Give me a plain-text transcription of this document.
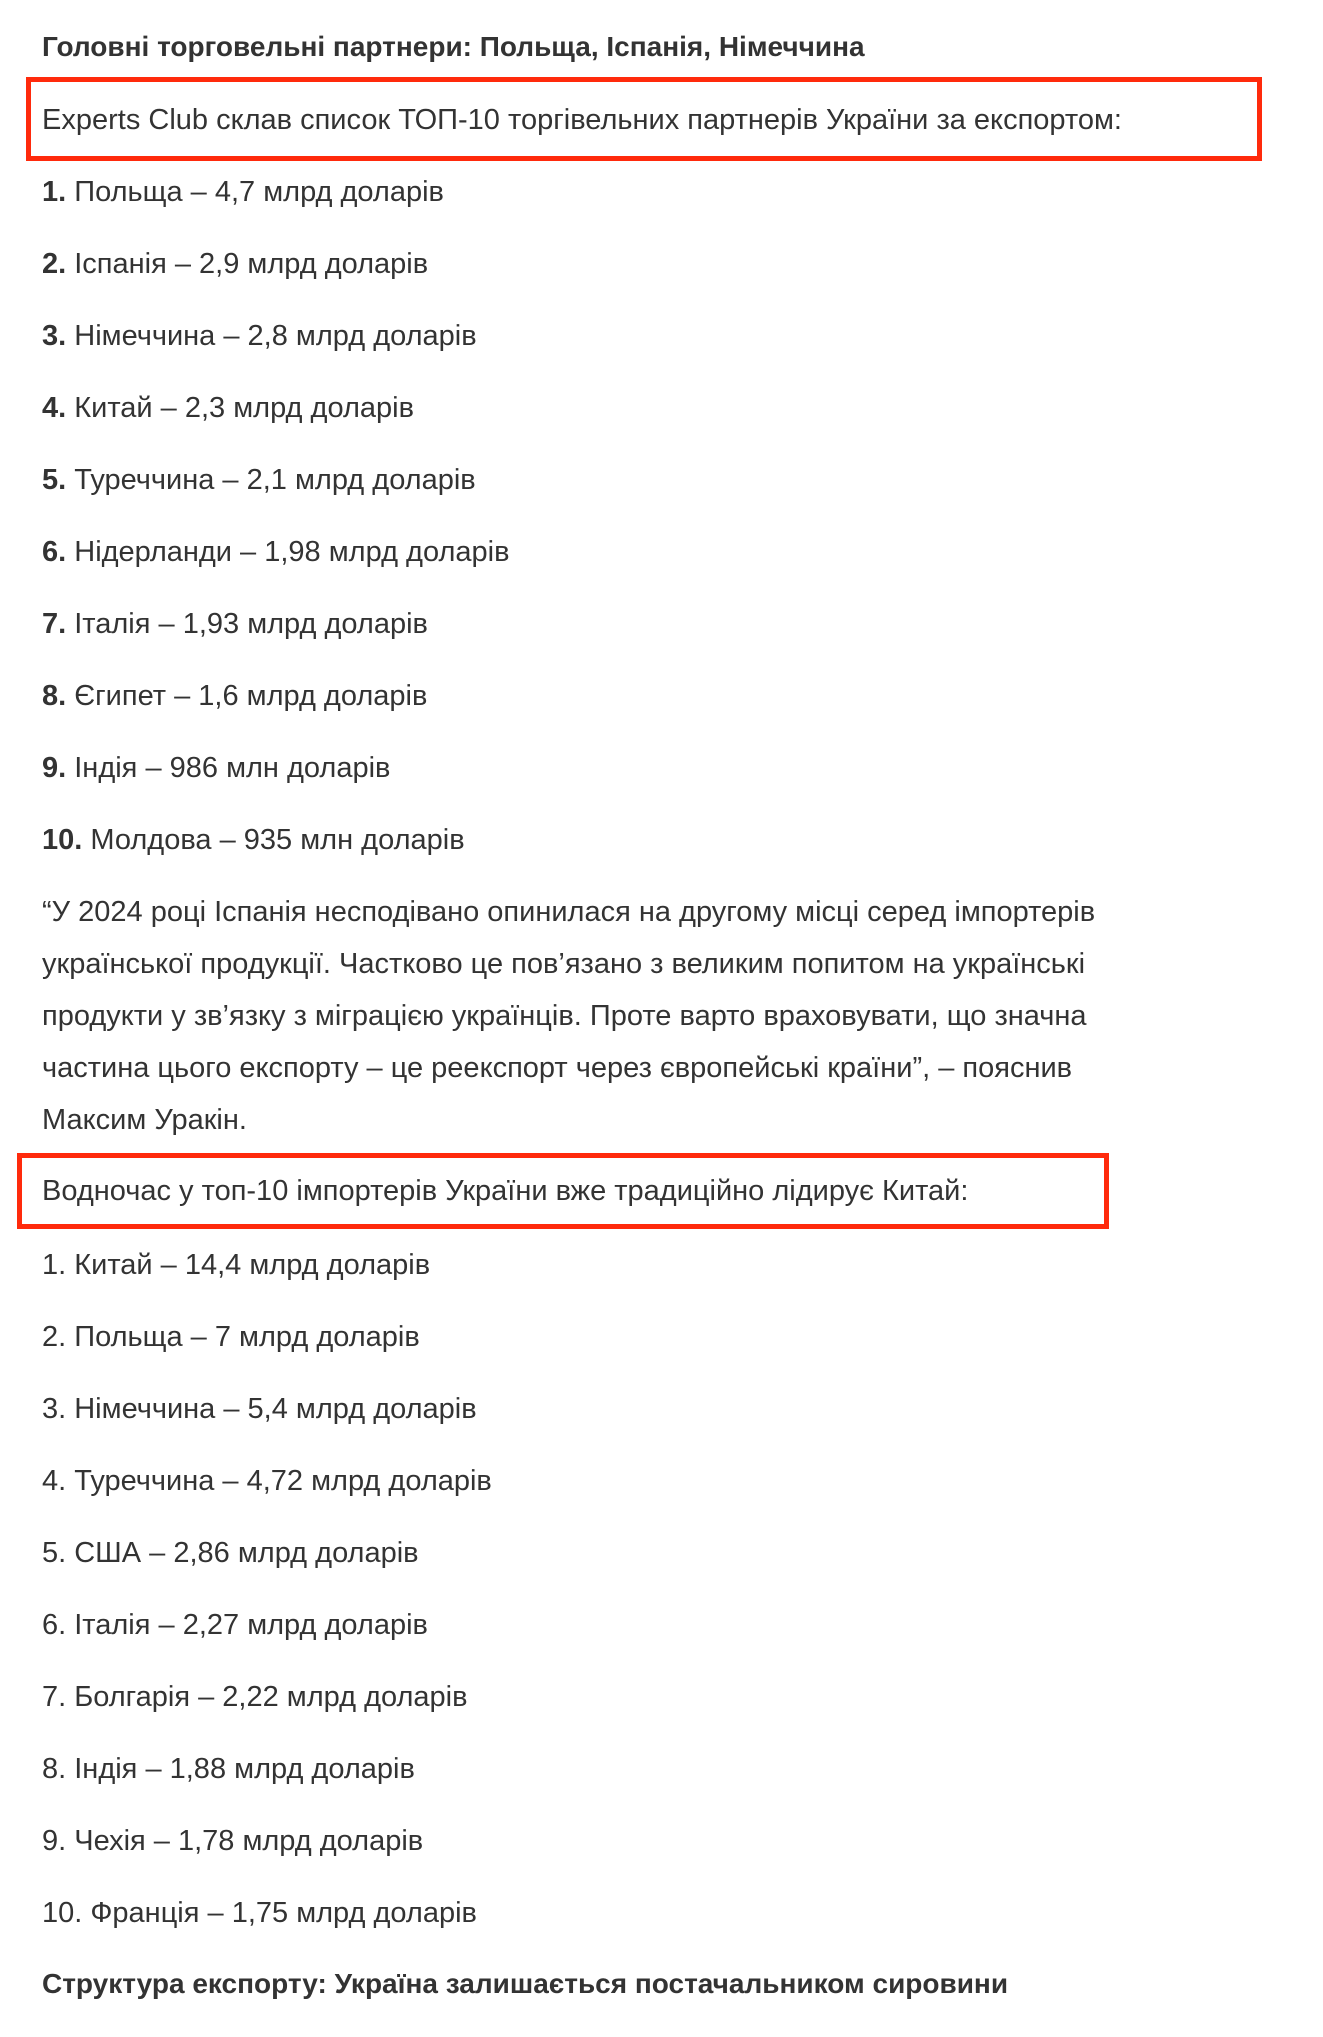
Головні торговельні партнери: Польща, Іспанія, Німеччина
Experts Club склав список ТОП-10 торгівельних партнерів України за експортом:
1. Польща – 4,7 млрд доларів
2. Іспанія – 2,9 млрд доларів
3. Німеччина – 2,8 млрд доларів
4. Китай – 2,3 млрд доларів
5. Туреччина – 2,1 млрд доларів
6. Нідерланди – 1,98 млрд доларів
7. Італія – 1,93 млрд доларів
8. Єгипет – 1,6 млрд доларів
9. Індія – 986 млн доларів
10. Молдова – 935 млн доларів
“У 2024 році Іспанія несподівано опинилася на другому місці серед імпортерів
української продукції. Частково це пов’язано з великим попитом на українські
продукти у зв’язку з міграцією українців. Проте варто враховувати, що значна
частина цього експорту – це реекспорт через європейські країни”, – пояснив
Максим Уракін.
Водночас у топ-10 імпортерів України вже традиційно лідирує Китай:
1. Китай – 14,4 млрд доларів
2. Польща – 7 млрд доларів
3. Німеччина – 5,4 млрд доларів
4. Туреччина – 4,72 млрд доларів
5. США – 2,86 млрд доларів
6. Італія – 2,27 млрд доларів
7. Болгарія – 2,22 млрд доларів
8. Індія – 1,88 млрд доларів
9. Чехія – 1,78 млрд доларів
10. Франція – 1,75 млрд доларів
Структура експорту: Україна залишається постачальником сировини
